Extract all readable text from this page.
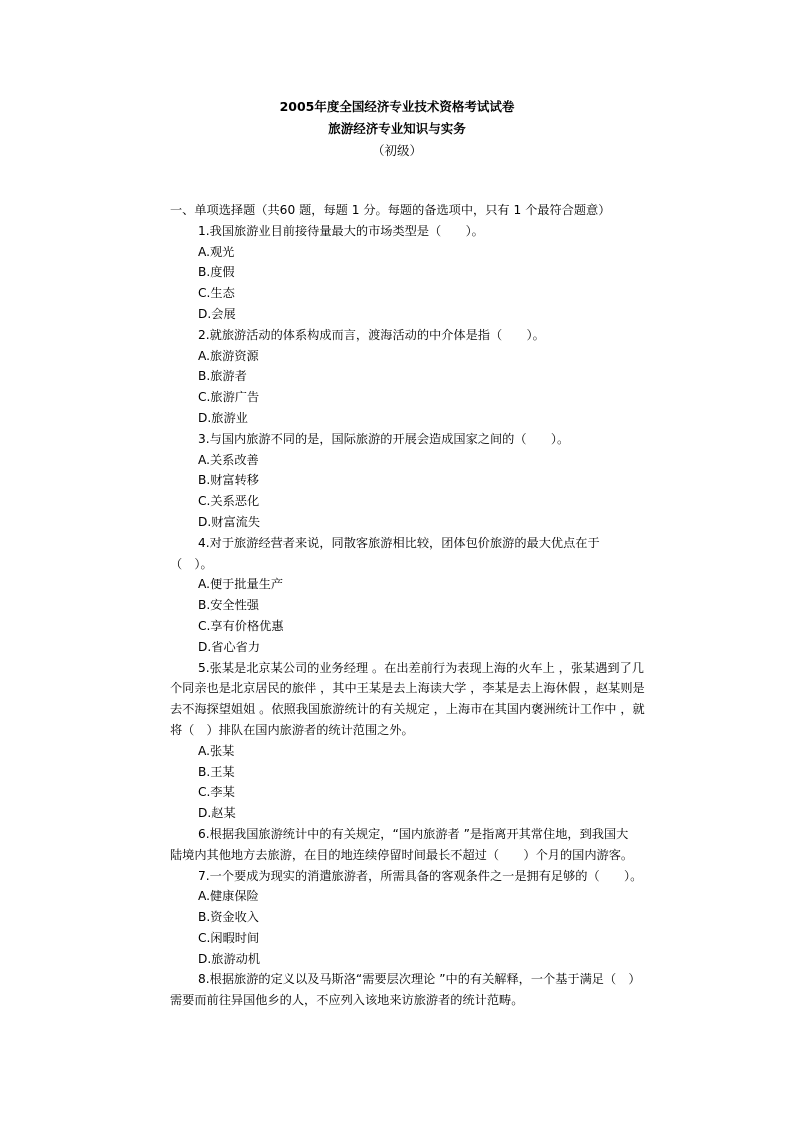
2005年度全国经济专业技术资格考试试卷
旅游经济专业知识与实务
（初级）
一、单项选择题（共60 题，每题 1 分。每题的备选项中，只有 1 个最符合题意）
1.我国旅游业目前接待量最大的市场类型是（　　）。
A.观光
B.度假
C.生态
D.会展
2.就旅游活动的体系构成而言，渡海活动的中介体是指（　　）。
A.旅游资源
B.旅游者
C.旅游广告
D.旅游业
3.与国内旅游不同的是，国际旅游的开展会造成国家之间的（　　）。
A.关系改善
B.财富转移
C.关系恶化
D.财富流失
4.对于旅游经营者来说，同散客旅游相比较，团体包价旅游的最大优点在于
（　）。
A.便于批量生产
B.安全性强
C.享有价格优惠
D.省心省力
5.张某是北京某公司的业务经理 。在出差前行为表现上海的火车上 ，张某遇到了几
个同亲也是北京居民的旅伴 ，其中王某是去上海读大学 ，李某是去上海休假 ，赵某则是
去不海探望姐姐 。依照我国旅游统计的有关规定 ，上海市在其国内褒洲统计工作中 ，就
将（　）排队在国内旅游者的统计范围之外。
A.张某
B.王某
C.李某
D.赵某
6.根据我国旅游统计中的有关规定，“国内旅游者 ”是指离开其常住地，到我国大
陆境内其他地方去旅游，在目的地连续停留时间最长不超过（　　）个月的国内游客。
7.一个要成为现实的消遣旅游者，所需具备的客观条件之一是拥有足够的（　　）。
A.健康保险
B.资金收入
C.闲暇时间
D.旅游动机
8.根据旅游的定义以及马斯洛“需要层次理论 ”中的有关解释，一个基于满足（　）
需要而前往异国他乡的人，不应列入该地来访旅游者的统计范畴。
